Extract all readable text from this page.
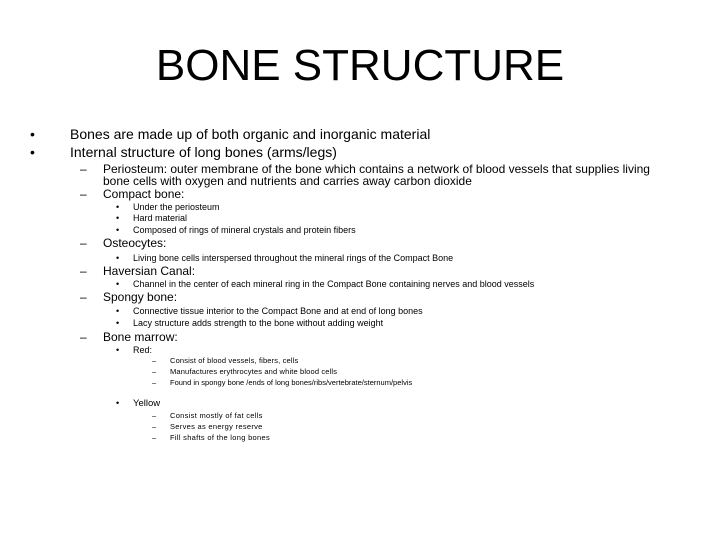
BONE STRUCTURE
•	Bones are made up of both organic and inorganic material
•	Internal structure of long bones (arms/legs)
– Periosteum: outer membrane of the bone which contains a network of blood vessels that supplies living
bone cells with oxygen and nutrients and carries away carbon dioxide
– Compact bone:
• Under the periosteum
• Hard material
• Composed of rings of mineral crystals and protein fibers
– Osteocytes:
• Living bone cells interspersed throughout the mineral rings of the Compact Bone
– Haversian Canal:
• Channel in the center of each mineral ring in the Compact Bone containing nerves and blood vessels
– Spongy bone:
• Connective tissue interior to the Compact Bone and at end of long bones
• Lacy structure adds strength to the bone without adding weight
– Bone marrow:
• Red:
– Consist of blood vessels, fibers, cells
– Manufactures erythrocytes and white blood cells
– Found in spongy bone /ends of long bones/ribs/vertebrate/sternum/pelvis
• Yellow
– Consist mostly of fat cells
– Serves as energy reserve
– Fill shafts of the long bones
